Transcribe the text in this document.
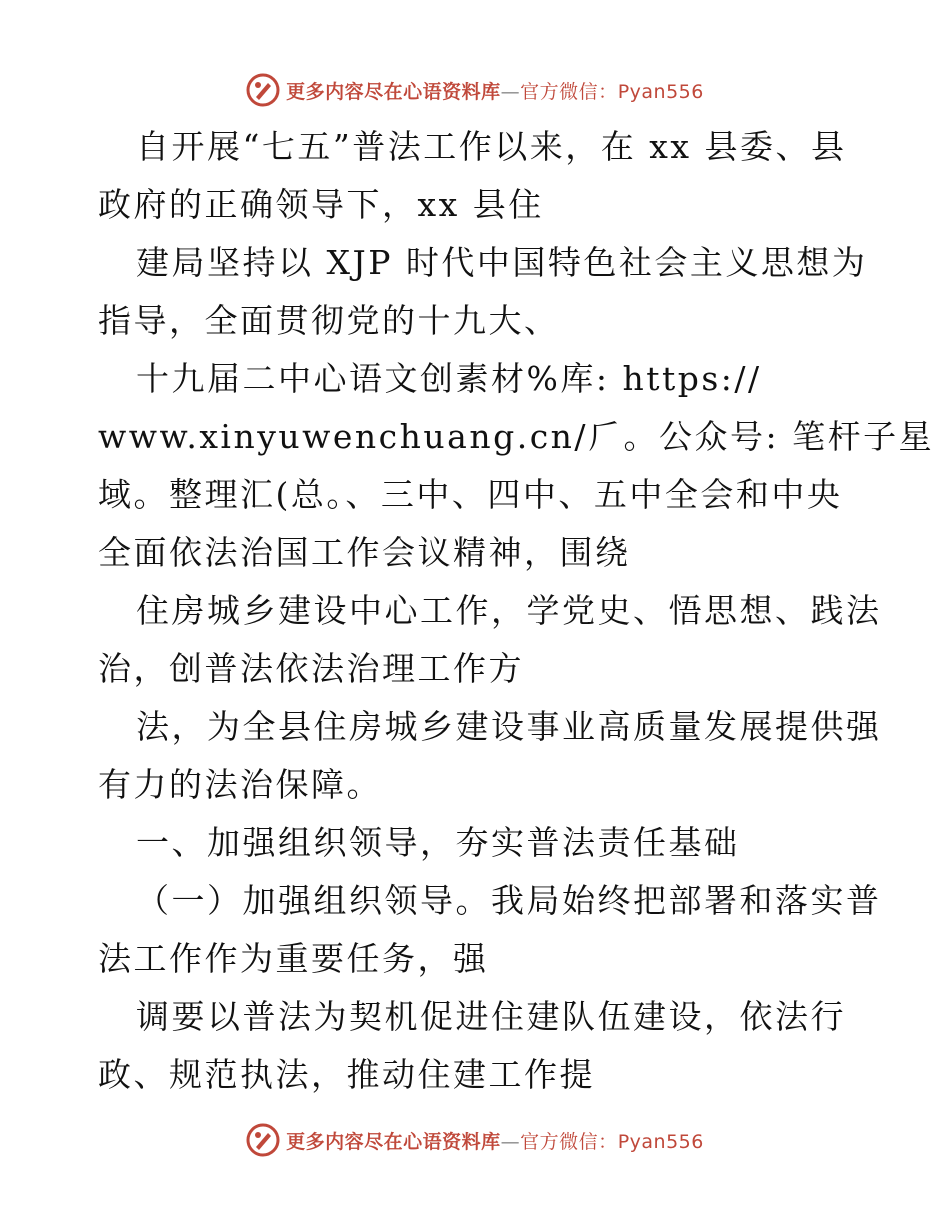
更多内容尽在心语资料库—官方微信：Pyan556
自开展“七五”普法工作以来，在 xx 县委、县
政府的正确领导下，xx 县住
建局坚持以 XJP 时代中国特色社会主义思想为
指导，全面贯彻党的十九大、
十九届二中心语文创素材%库: https://
www.xinyuwenchuang.cn/𠂆。公众号: 笔杆子星
域。整理汇(总。、三中、四中、五中全会和中央
全面依法治国工作会议精神，围绕
住房城乡建设中心工作，学党史、悟思想、践法
治，创普法依法治理工作方
法，为全县住房城乡建设事业高质量发展提供强
有力的法治保障。
一、加强组织领导，夯实普法责任基础
（一）加强组织领导。我局始终把部署和落实普
法工作作为重要任务，强
调要以普法为契机促进住建队伍建设，依法行
政、规范执法，推动住建工作提
更多内容尽在心语资料库—官方微信：Pyan556
